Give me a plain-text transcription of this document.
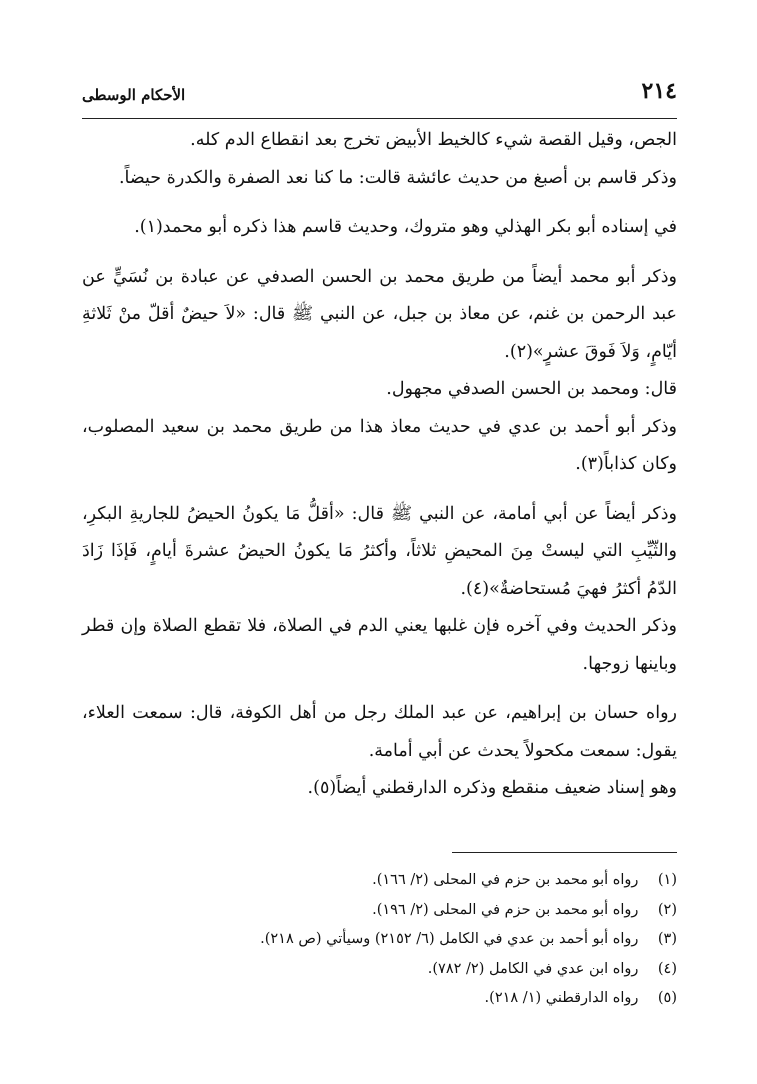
٢١٤
الأحكام الوسطى

الجص، وقيل القصة شيء كالخيط الأبيض تخرج بعد انقطاع الدم كله.

وذكر قاسم بن أصبغ من حديث عائشة قالت: ما كنا نعد الصفرة والكدرة حيضاً.

في إسناده أبو بكر الهذلي وهو متروك، وحديث قاسم هذا ذكره أبو محمد(١).

وذكر أبو محمد أيضاً من طريق محمد بن الحسن الصدفي عن عبادة بن نُسَيٍّ عن عبد الرحمن بن غنم، عن معاذ بن جبل، عن النبي ﷺ قال: «لاَ حيضٌ أقلّ منْ ثَلاثةِ أيّامٍ، وَلاَ فَوقَ عشرٍ»(٢).

قال: ومحمد بن الحسن الصدفي مجهول.

وذكر أبو أحمد بن عدي في حديث معاذ هذا من طريق محمد بن سعيد المصلوب، وكان كذاباً(٣).

وذكر أيضاً عن أبي أمامة، عن النبي ﷺ قال: «أقلُّ مَا يكونُ الحيضُ للجاريةِ البكرِ، والثّيِّبِ التي ليستْ مِنَ المحيضِ ثلاثاً، وأكثرُ مَا يكونُ الحيضُ عشرةَ أيامٍ، فَإذَا زَادَ الدّمُ أكثرُ فهيَ مُستحاضةٌ»(٤).

وذكر الحديث وفي آخره فإن غلبها يعني الدم في الصلاة، فلا تقطع الصلاة وإن قطر وباينها زوجها.

رواه حسان بن إبراهيم، عن عبد الملك رجل من أهل الكوفة، قال: سمعت العلاء، يقول: سمعت مكحولاً يحدث عن أبي أمامة.

وهو إسناد ضعيف منقطع وذكره الدارقطني أيضاً(٥).

(١) رواه أبو محمد بن حزم في المحلى (٢/ ١٦٦).
(٢) رواه أبو محمد بن حزم في المحلى (٢/ ١٩٦).
(٣) رواه أبو أحمد بن عدي في الكامل (٦/ ٢١٥٢) وسيأتي (ص ٢١٨).
(٤) رواه ابن عدي في الكامل (٢/ ٧٨٢).
(٥) رواه الدارقطني (١/ ٢١٨).
